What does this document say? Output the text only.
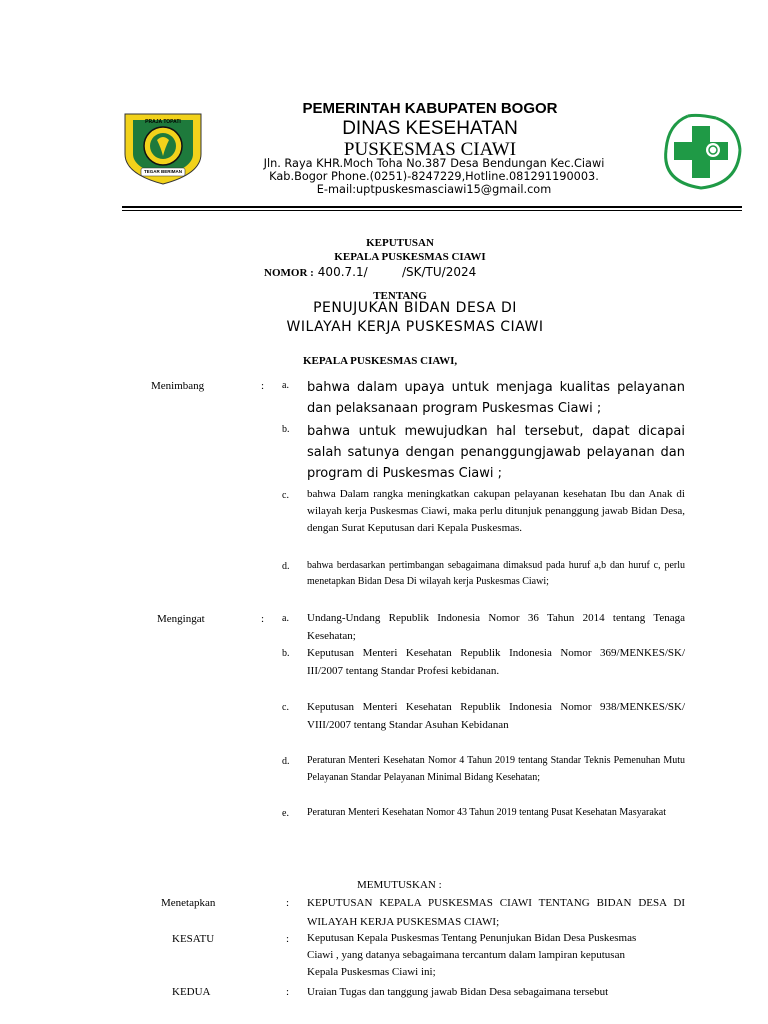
PRAJA TOPATI
TEGAR BERIMAN
PEMERINTAH KABUPATEN BOGOR
DINAS KESEHATAN
PUSKESMAS CIAWI
Jln. Raya KHR.Moch Toha No.387 Desa Bendungan Kec.Ciawi
Kab.Bogor Phone.(0251)-8247229,Hotline.081291190003.
E-mail:uptpuskesmasciawi15@gmail.com
KEPUTUSAN
KEPALA PUSKESMAS CIAWI
NOMOR : 400.7.1/         /SK/TU/2024
TENTANG
PENUJUKAN BIDAN DESA DI
WILAYAH KERJA PUSKESMAS CIAWI
KEPALA PUSKESMAS CIAWI,
Menimbang	: a. bahwa dalam upaya untuk menjaga kualitas pelayanan dan pelaksanaan program Puskesmas Ciawi ;
b. bahwa untuk mewujudkan hal tersebut, dapat dicapai salah satunya dengan penanggungjawab pelayanan dan program di Puskesmas Ciawi ;
c. bahwa Dalam rangka meningkatkan cakupan pelayanan kesehatan Ibu dan Anak di wilayah kerja Puskesmas Ciawi, maka perlu ditunjuk penanggung jawab Bidan Desa, dengan Surat Keputusan dari Kepala Puskesmas.
d. bahwa berdasarkan pertimbangan sebagaimana dimaksud pada huruf a,b dan huruf c, perlu menetapkan Bidan Desa Di wilayah kerja Puskesmas Ciawi;
Mengingat	: a. Undang-Undang Republik Indonesia Nomor 36 Tahun 2014 tentang Tenaga Kesehatan;
b. Keputusan Menteri Kesehatan Republik Indonesia Nomor 369/MENKES/SK/ III/2007 tentang Standar Profesi kebidanan.
c. Keputusan Menteri Kesehatan Republik Indonesia Nomor 938/MENKES/SK/ VIII/2007 tentang Standar Asuhan Kebidanan
d. Peraturan Menteri Kesehatan Nomor 4 Tahun 2019 tentang Standar Teknis Pemenuhan Mutu Pelayanan Standar Pelayanan Minimal Bidang Kesehatan;
e. Peraturan Menteri Kesehatan Nomor 43 Tahun 2019 tentang Pusat Kesehatan Masyarakat
MEMUTUSKAN :
Menetapkan	: KEPUTUSAN KEPALA PUSKESMAS CIAWI TENTANG BIDAN DESA DI WILAYAH KERJA PUSKESMAS CIAWI;
KESATU	: Keputusan Kepala Puskesmas Tentang Penunjukan Bidan Desa Puskesmas Ciawi , yang datanya sebagaimana tercantum dalam lampiran keputusan Kepala Puskesmas Ciawi ini;
KEDUA	: Uraian Tugas dan tanggung jawab Bidan Desa sebagaimana tersebut
